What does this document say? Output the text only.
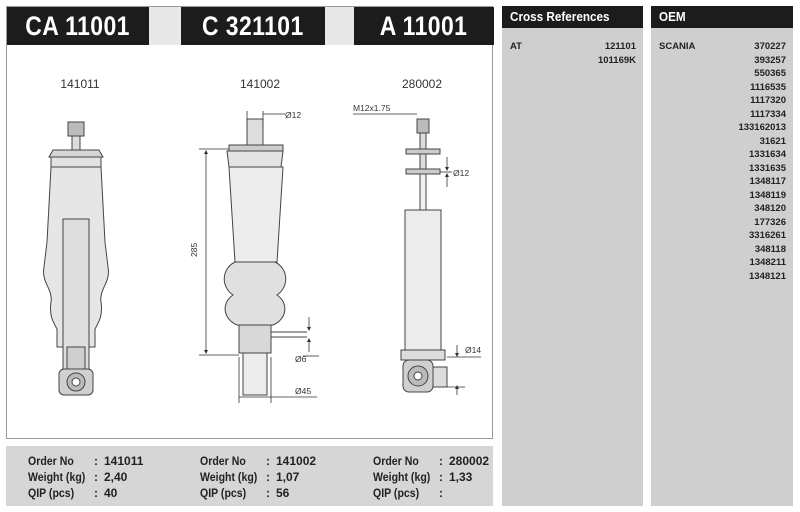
CA 11001	C 321101	A 11001
141011	141002	280002
Ø12
285
Ø6
Ø45
M12x1.75
Ø12
Ø14
Order No	: 141011
Weight (kg) : 2,40
QIP (pcs)	: 40
Order No	: 141002
Weight (kg) : 1,07
QIP (pcs)	: 56
Order No	: 280002
Weight (kg) : 1,33
QIP (pcs)	:
Cross References
AT	121101
101169K
OEM
SCANIA	370227
393257
550365
1116535
1117320
1117334
133162013
31621
1331634
1331635
1348117
1348119
348120
177326
3316261
348118
1348211
1348121
